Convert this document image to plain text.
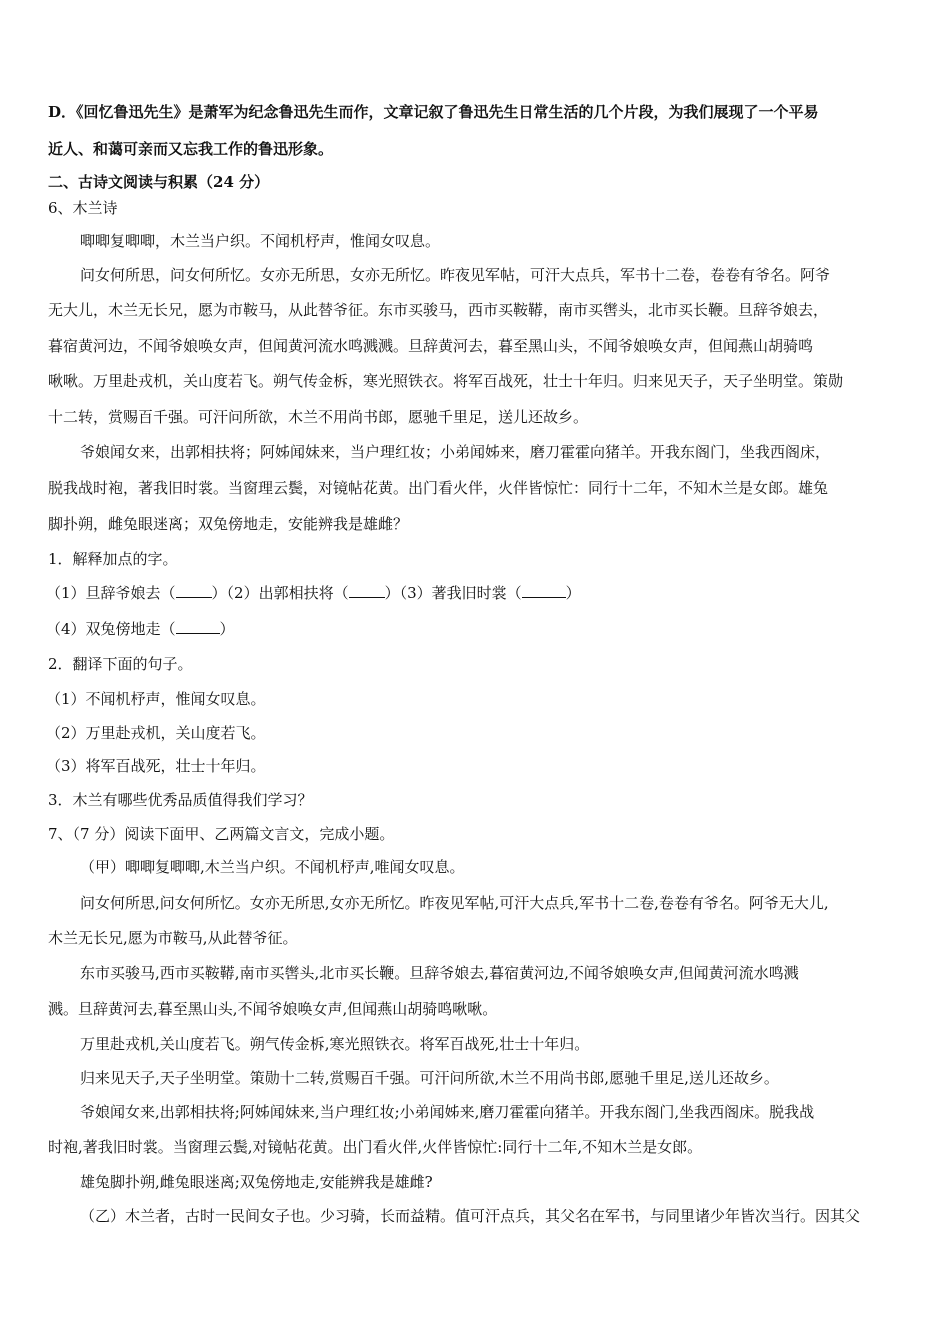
D．《回忆鲁迅先生》是萧军为纪念鲁迅先生而作，文章记叙了鲁迅先生日常生活的几个片段，为我们展现了一个平易
近人、和蔼可亲而又忘我工作的鲁迅形象。
二、古诗文阅读与积累（24 分）
6、木兰诗
唧唧复唧唧，木兰当户织。不闻机杼声，惟闻女叹息。
问女何所思，问女何所忆。女亦无所思，女亦无所忆。昨夜见军帖，可汗大点兵，军书十二卷，卷卷有爷名。阿爷
无大儿，木兰无长兄，愿为市鞍马，从此替爷征。东市买骏马，西市买鞍鞯，南市买辔头，北市买长鞭。旦辞爷娘去，
暮宿黄河边，不闻爷娘唤女声，但闻黄河流水鸣溅溅。旦辞黄河去，暮至黑山头，不闻爷娘唤女声，但闻燕山胡骑鸣
啾啾。万里赴戎机，关山度若飞。朔气传金柝，寒光照铁衣。将军百战死，壮士十年归。归来见天子，天子坐明堂。策勋
十二转，赏赐百千强。可汗问所欲，木兰不用尚书郎，愿驰千里足，送儿还故乡。
爷娘闻女来，出郭相扶将；阿姊闻妹来，当户理红妆；小弟闻姊来，磨刀霍霍向猪羊。开我东阁门，坐我西阁床，
脱我战时袍，著我旧时裳。当窗理云鬓，对镜帖花黄。出门看火伴，火伴皆惊忙：同行十二年，不知木兰是女郎。雄兔
脚扑朔，雌兔眼迷离；双兔傍地走，安能辨我是雄雌？
1．解释加点的字。
（1）旦辞爷娘去（ ）（2）出郭相扶将（ ）（3）著我旧时裳（	）
（4）双兔傍地走（	）
2．翻译下面的句子。
（1）不闻机杼声，惟闻女叹息。
（2）万里赴戎机，关山度若飞。
（3）将军百战死，壮士十年归。
3．木兰有哪些优秀品质值得我们学习？
7、（7 分）阅读下面甲、乙两篇文言文，完成小题。
（甲）唧唧复唧唧,木兰当户织。不闻机杼声,唯闻女叹息。
问女何所思,问女何所忆。女亦无所思,女亦无所忆。昨夜见军帖,可汗大点兵,军书十二卷,卷卷有爷名。阿爷无大儿,
木兰无长兄,愿为市鞍马,从此替爷征。
东市买骏马,西市买鞍鞯,南市买辔头,北市买长鞭。旦辞爷娘去,暮宿黄河边,不闻爷娘唤女声,但闻黄河流水鸣溅
溅。旦辞黄河去,暮至黑山头,不闻爷娘唤女声,但闻燕山胡骑鸣啾啾。
万里赴戎机,关山度若飞。朔气传金柝,寒光照铁衣。将军百战死,壮士十年归。
归来见天子,天子坐明堂。策勋十二转,赏赐百千强。可汗问所欲,木兰不用尚书郎,愿驰千里足,送儿还故乡。
爷娘闻女来,出郭相扶将;阿姊闻妹来,当户理红妆;小弟闻姊来,磨刀霍霍向猪羊。开我东阁门,坐我西阁床。脱我战
时袍,著我旧时裳。当窗理云鬓,对镜帖花黄。出门看火伴,火伴皆惊忙:同行十二年,不知木兰是女郎。
雄兔脚扑朔,雌兔眼迷离;双兔傍地走,安能辨我是雄雌?
（乙）木兰者，古时一民间女子也。少习骑，长而益精。值可汗点兵，其父名在军书，与同里诸少年皆次当行。因其父
